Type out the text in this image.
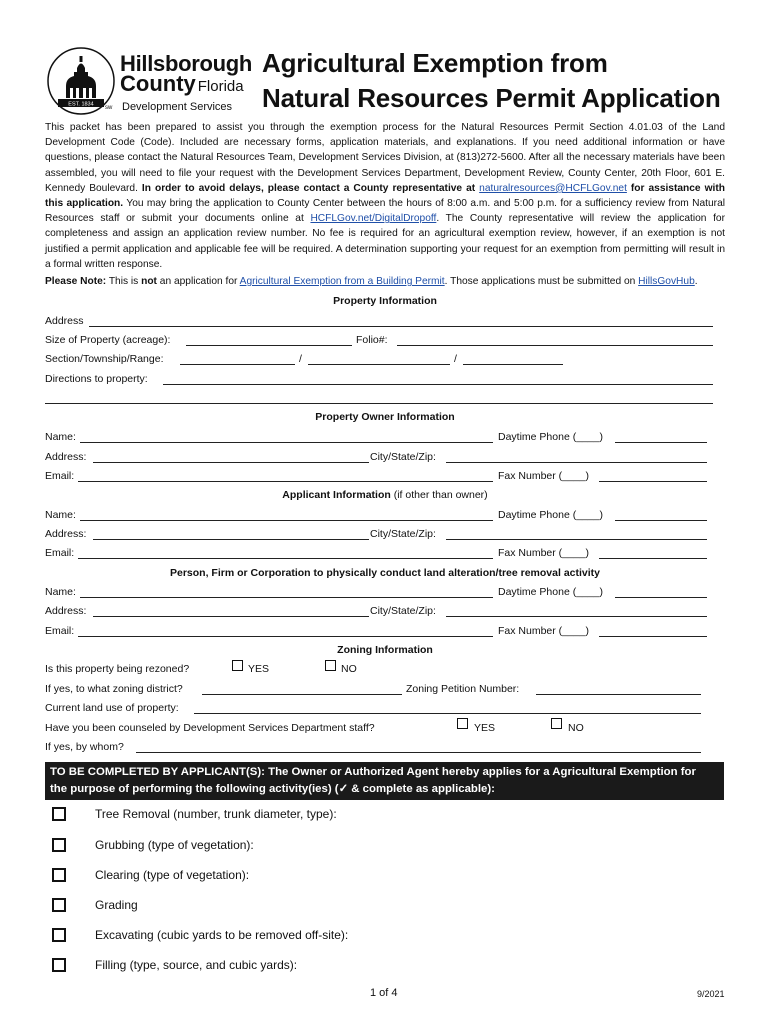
EST. 1834
sw
Hillsborough
County Florida
Development Services
Agricultural Exemption from
Natural Resources Permit Application
This packet has been prepared to assist you through the exemption process for the Natural Resources Permit Section 4.01.03 of the Land Development Code (Code). Included are necessary forms, application materials, and explanations. If you need additional information or have questions, please contact the Natural Resources Team, Development Services Division, at (813)272-5600. After all the necessary materials have been assembled, you will need to file your request with the Development Services Department, Development Review, County Center, 20th Floor, 601 E. Kennedy Boulevard. In order to avoid delays, please contact a County representative at naturalresources@HCFLGov.net for assistance with this application. You may bring the application to County Center between the hours of 8:00 a.m. and 5:00 p.m. for a sufficiency review from Natural Resources staff or submit your documents online at HCFLGov.net/DigitalDropoff. The County representative will review the application for completeness and assign an application review number. No fee is required for an agricultural exemption review, however, if an exemption is not justified a permit application and applicable fee will be required. A determination supporting your request for an exemption from permitting will result in a formal written response.
Please Note: This is not an application for Agricultural Exemption from a Building Permit. Those applications must be submitted on HillsGovHub.
Property Information
Address
Size of Property (acreage):	Folio#:
Section/Township/Range:	/	/
Directions to property:
Property Owner Information
Name:	Daytime Phone (____)
Address:	City/State/Zip:
Email:	Fax Number (____)
Applicant Information (if other than owner)
Name:	Daytime Phone (____)
Address:	City/State/Zip:
Email:	Fax Number (____)
Person, Firm or Corporation to physically conduct land alteration/tree removal activity
Name:	Daytime Phone (____)
Address:	City/State/Zip:
Email:	Fax Number (____)
Zoning Information
Is this property being rezoned?	YES	NO
If yes, to what zoning district?	Zoning Petition Number:
Current land use of property:
Have you been counseled by Development Services Department staff?	YES	NO
If yes, by whom?
TO BE COMPLETED BY APPLICANT(S): The Owner or Authorized Agent hereby applies for a Agricultural Exemption for
the purpose of performing the following activity(ies) (✓ & complete as applicable):
Tree Removal (number, trunk diameter, type):
Grubbing (type of vegetation):
Clearing (type of vegetation):
Grading
Excavating (cubic yards to be removed off-site):
Filling (type, source, and cubic yards):
1 of 4	9/2021
